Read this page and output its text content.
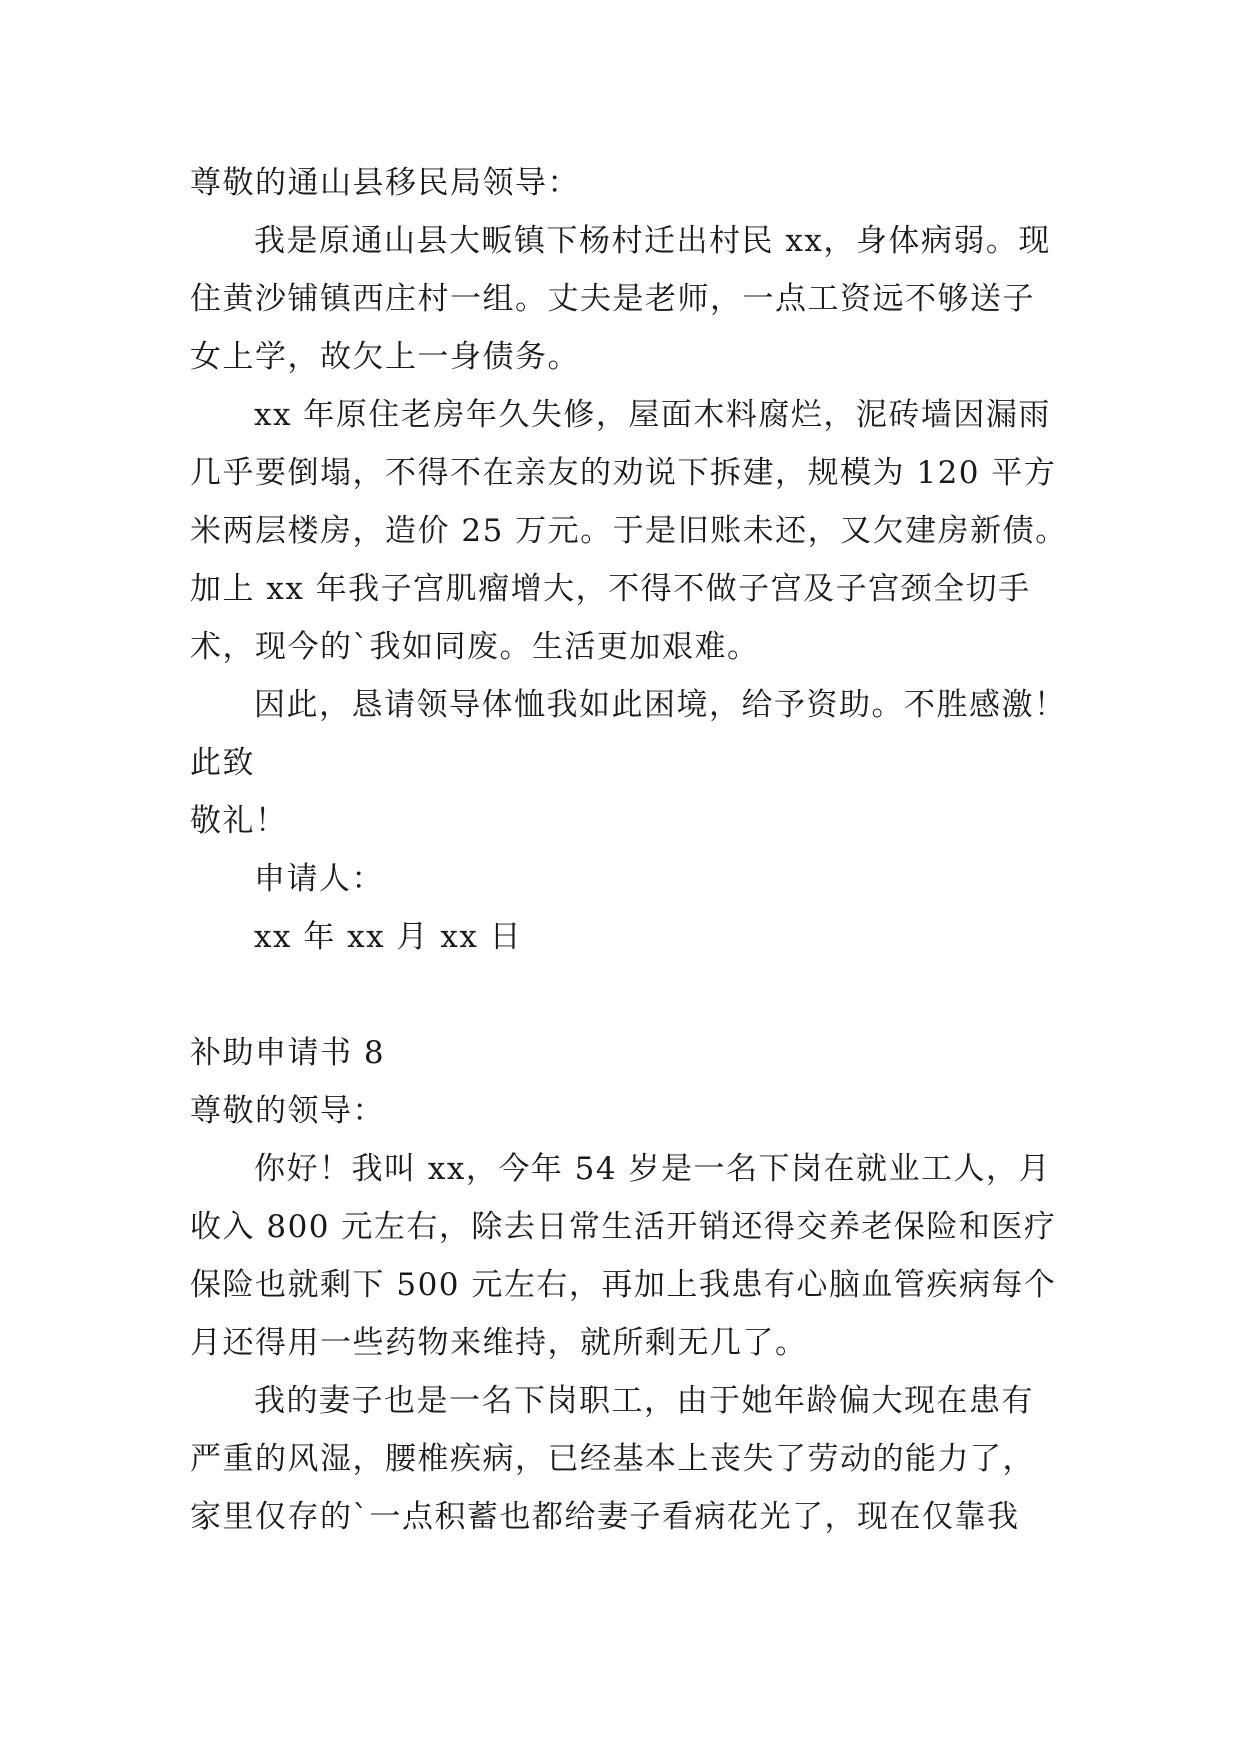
尊敬的通山县移民局领导：
我是原通山县大畈镇下杨村迁出村民 xx，身体病弱。现
住黄沙铺镇西庄村一组。丈夫是老师，一点工资远不够送子
女上学，故欠上一身债务。
xx 年原住老房年久失修，屋面木料腐烂，泥砖墙因漏雨
几乎要倒塌，不得不在亲友的劝说下拆建，规模为 120 平方
米两层楼房，造价 25 万元。于是旧账未还，又欠建房新债。
加上 xx 年我子宫肌瘤增大，不得不做子宫及子宫颈全切手
术，现今的`我如同废。生活更加艰难。
因此，恳请领导体恤我如此困境，给予资助。不胜感激！
此致
敬礼！
申请人：
xx 年 xx 月 xx 日
补助申请书 8
尊敬的领导：
你好！我叫 xx，今年 54 岁是一名下岗在就业工人，月
收入 800 元左右，除去日常生活开销还得交养老保险和医疗
保险也就剩下 500 元左右，再加上我患有心脑血管疾病每个
月还得用一些药物来维持，就所剩无几了。
我的妻子也是一名下岗职工，由于她年龄偏大现在患有
严重的风湿，腰椎疾病，已经基本上丧失了劳动的能力了，
家里仅存的`一点积蓄也都给妻子看病花光了，现在仅靠我
